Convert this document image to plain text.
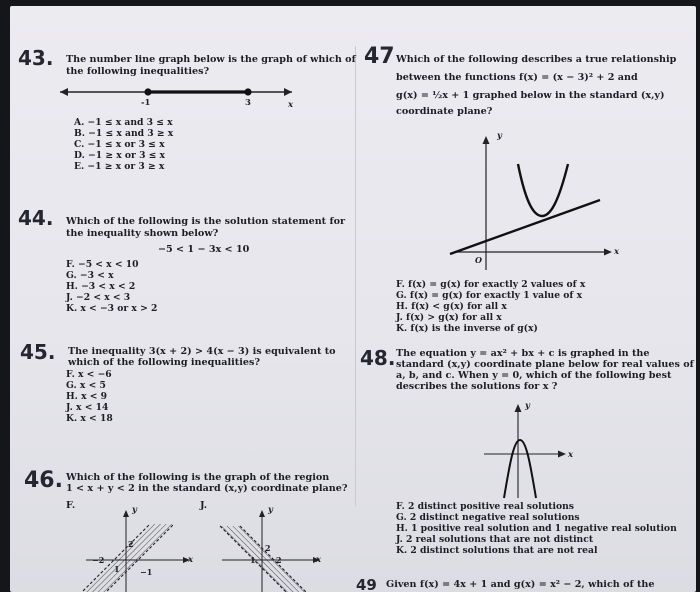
43. The number line graph below is the graph of which of
the following inequalities?
-1	3	x
A. −1 ≤ x and 3 ≤ x
B. −1 ≤ x and 3 ≥ x
C. −1 ≤ x or 3 ≤ x
D. −1 ≥ x or 3 ≤ x
E. −1 ≥ x or 3 ≥ x
44. Which of the following is the solution statement for
the inequality shown below?
−5 < 1 − 3x < 10
F. −5 < x < 10
G. −3 < x
H. −3 < x < 2
J. −2 < x < 3
K. x < −3 or x > 2
45. The inequality 3(x + 2) > 4(x − 3) is equivalent to
which of the following inequalities?
F. x < −6
G. x < 5
H. x < 9
J. x < 14
K. x < 18
46. Which of the following is the graph of the region
1 < x + y < 2 in the standard (x,y) coordinate plane?
F.	J.
y
x
2
−2
1	−1
y
x
2
1	2
47 Which of the following describes a true relationship
between the functions f(x) = (x − 3)² + 2 and
g(x) = ½x + 1 graphed below in the standard (x,y)
coordinate plane?
y
x
O
F. f(x) = g(x) for exactly 2 values of x
G. f(x) = g(x) for exactly 1 value of x
H. f(x) < g(x) for all x
J. f(x) > g(x) for all x
K. f(x) is the inverse of g(x)
48. The equation y = ax² + bx + c is graphed in the
standard (x,y) coordinate plane below for real values of
a, b, and c. When y = 0, which of the following best
describes the solutions for x ?
y
x
F. 2 distinct positive real solutions
G. 2 distinct negative real solutions
H. 1 positive real solution and 1 negative real solution
J. 2 real solutions that are not distinct
K. 2 distinct solutions that are not real
49 Given f(x) = 4x + 1 and g(x) = x² − 2, which of the
